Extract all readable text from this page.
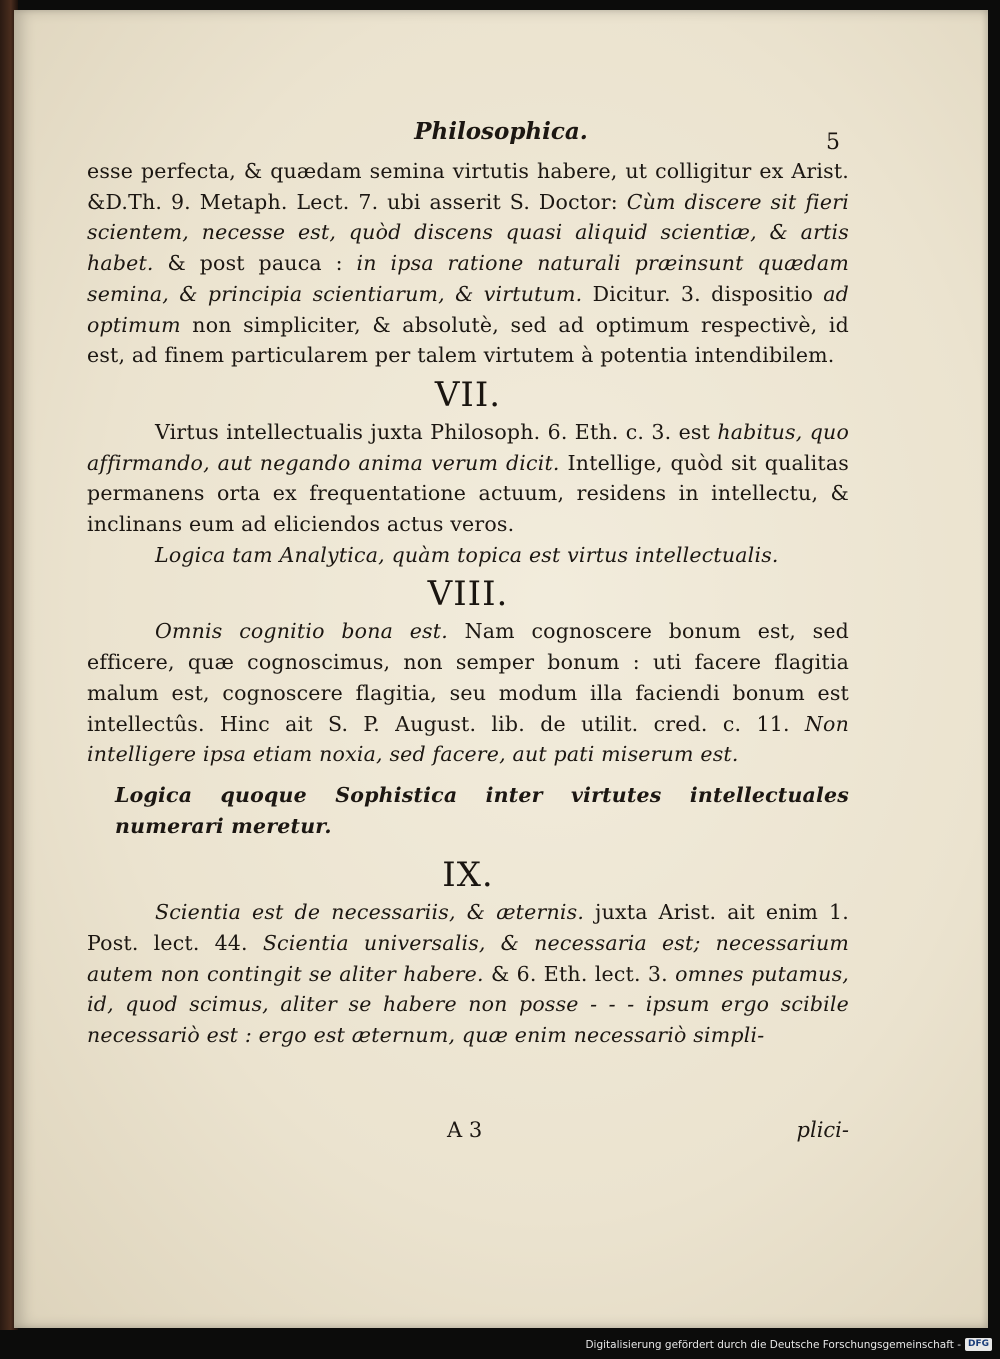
Philosophica.	5

esse perfecta, & quædam semina virtutis habere, ut colligitur ex Arist. &D.Th. 9. Metaph. Lect. 7. ubi asserit S. Doctor: Cùm discere sit fieri scientem, necesse est, quòd discens quasi aliquid scientiæ, & artis habet. & post pauca : in ipsa ratione naturali præinsunt quædam semina, & principia scientiarum, & virtutum. Dicitur. 3. dispositio ad optimum non simpliciter, & absolutè, sed ad optimum respectivè, id est, ad finem particularem per talem virtutem à potentia intendibilem.

VII.

Virtus intellectualis juxta Philosoph. 6. Eth. c. 3. est habitus, quo affirmando, aut negando anima verum dicit. Intellige, quòd sit qualitas permanens orta ex frequentatione actuum, residens in intellectu, & inclinans eum ad eliciendos actus veros.

Logica tam Analytica, quàm topica est virtus intellectualis.

VIII.

Omnis cognitio bona est. Nam cognoscere bonum est, sed efficere, quæ cognoscimus, non semper bonum : uti facere flagitia malum est, cognoscere flagitia, seu modum illa faciendi bonum est intellectûs. Hinc ait S. P. August. lib. de utilit. cred. c. 11. Non intelligere ipsa etiam noxia, sed facere, aut pati miserum est.

Logica quoque Sophistica inter virtutes intellectuales numerari meretur.

IX.

Scientia est de necessariis, & æternis. juxta Arist. ait enim 1. Post. lect. 44. Scientia universalis, & necessaria est; necessarium autem non contingit se aliter habere. & 6. Eth. lect. 3. omnes putamus, id, quod scimus, aliter se habere non posse - - - ipsum ergo scibile necessariò est : ergo est æternum, quæ enim necessariò simpli-

A 3	plici-
Digitalisierung gefördert durch die Deutsche Forschungsgemeinschaft - DFG
